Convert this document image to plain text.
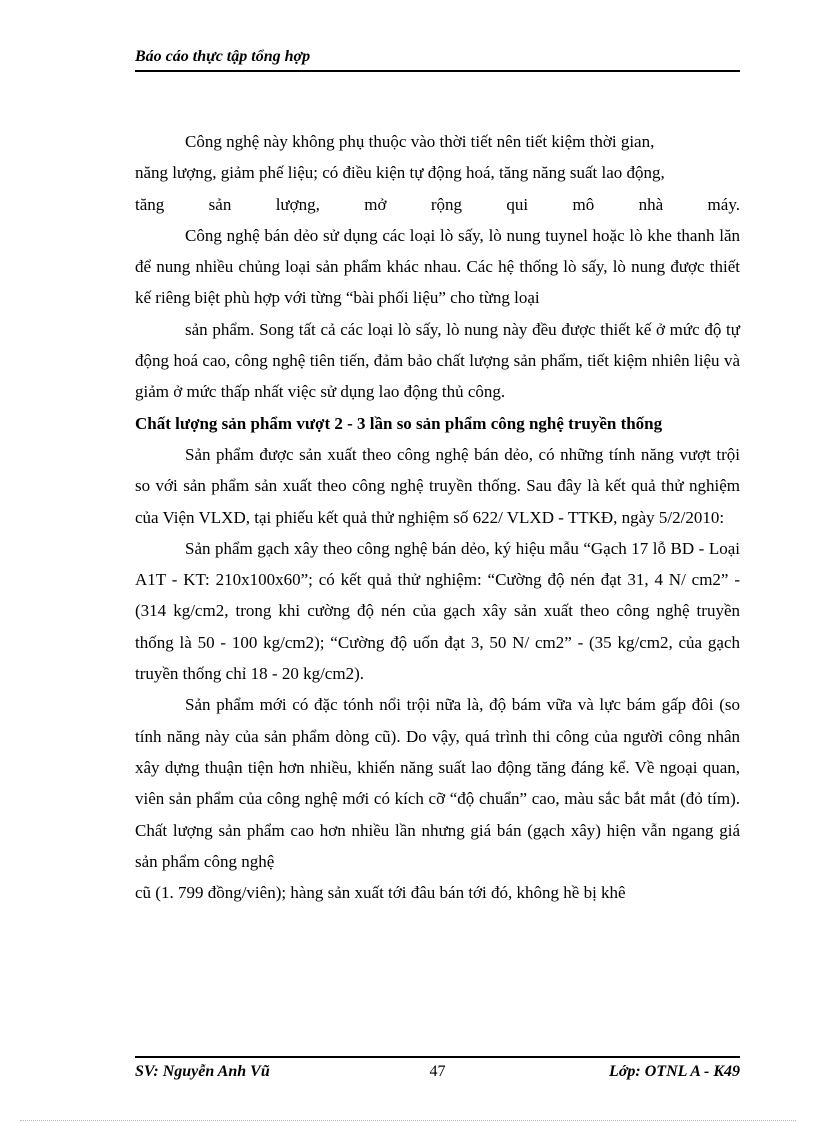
Báo cáo thực tập tổng hợp

Công nghệ này không phụ thuộc vào thời tiết nên tiết kiệm thời gian,

năng lượng, giảm phế liệu; có điều kiện tự động hoá, tăng năng suất lao động,

tăng	sản	lượng,	mở	rộng	qui	mô	nhà	máy.

Công nghệ bán dẻo sử dụng các loại lò sấy, lò nung tuynel hoặc lò khe thanh lăn để nung nhiều chủng loại sản phẩm khác nhau. Các hệ thống lò sấy, lò nung được thiết kế riêng biệt phù hợp với từng “bài phối liệu” cho từng loại

sản phẩm. Song tất cả các loại lò sấy, lò nung này đều được thiết kế ở mức độ tự động hoá cao, công nghệ tiên tiến, đảm bảo chất lượng sản phẩm, tiết kiệm nhiên liệu và giảm ở mức thấp nhất việc sử dụng lao động thủ công.

Chất lượng sản phẩm vượt 2 - 3 lần so sản phẩm công nghệ truyền thống

Sản phẩm được sản xuất theo công nghệ bán dẻo, có những tính năng vượt trội so với sản phẩm sản xuất theo công nghệ truyền thống. Sau đây là kết quả thử nghiệm của Viện VLXD, tại phiếu kết quả thử nghiệm số 622/ VLXD - TTKĐ, ngày 5/2/2010:

Sản phẩm gạch xây theo công nghệ bán dẻo, ký hiệu mẫu “Gạch 17 lỗ BD - Loại A1T - KT: 210x100x60”; có kết quả thử nghiệm: “Cường độ nén đạt 31, 4 N/ cm2” - (314 kg/cm2, trong khi cường độ nén của gạch xây sản xuất theo công nghệ truyền thống là 50 - 100 kg/cm2); “Cường độ uốn đạt 3, 50 N/ cm2” - (35 kg/cm2, của gạch truyền thống chỉ 18 - 20 kg/cm2).

Sản phẩm mới có đặc tónh nổi trội nữa là, độ bám vữa và lực bám gấp đôi (so tính năng này của sản phẩm dòng cũ). Do vậy, quá trình thi công của người công nhân xây dựng thuận tiện hơn nhiều, khiến năng suất lao động tăng đáng kể. Về ngoại quan, viên sản phẩm của công nghệ mới có kích cỡ “độ chuẩn” cao, màu sắc bắt mắt (đỏ tím). Chất lượng sản phẩm cao hơn nhiều lần nhưng giá bán (gạch xây) hiện vẫn ngang giá sản phẩm công nghệ

cũ (1. 799 đồng/viên); hàng sản xuất tới đâu bán tới đó, không hề bị khê

SV: Nguyễn Anh Vũ	47	Lớp: OTNL A - K49
